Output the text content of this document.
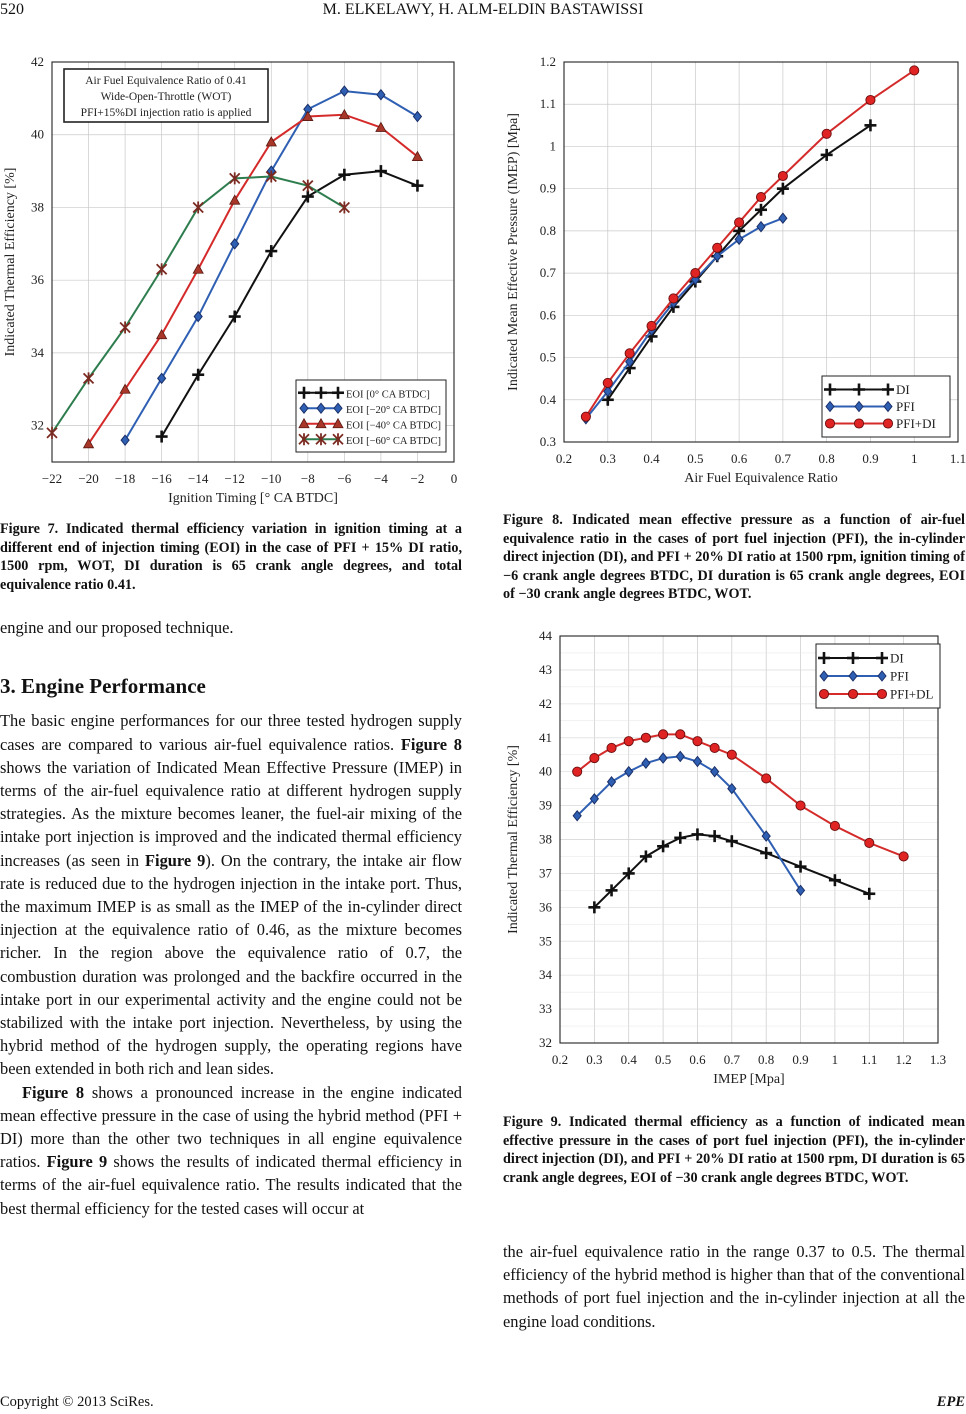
520	M. ELKELAWY, H. ALM-ELDIN BASTAWISSI
−22 −20 −18 −16 −14 −12 −10 −8 −6 −4 −2 0
32
34
36
38
40
42
Ignition Timing [° CA BTDC]
Indicated Thermal Efficiency [%]
EOI [0° CA BTDC]
EOI [−20° CA BTDC]
EOI [−40° CA BTDC]
EOI [−60° CA BTDC]
Air Fuel Equivalence Ratio of 0.41
Wide-Open-Throttle (WOT)
PFI+15%DI injection ratio is applied
Figure 7. Indicated thermal efficiency variation in ignition timing at a different end of injection timing (EOI) in the case of PFI + 15% DI ratio, 1500 rpm, WOT, DI duration is 65 crank angle degrees, and total equivalence ratio 0.41.

engine and our proposed technique.

3. Engine Performance

The basic engine performances for our three tested hydrogen supply cases are compared to various air-fuel equivalence ratios. Figure 8 shows the variation of Indicated Mean Effective Pressure (IMEP) in terms of the air-fuel equivalence ratio at different hydrogen supply strategies. As the mixture becomes leaner, the fuel-air mixing of the intake port injection is improved and the indicated thermal efficiency increases (as seen in Figure 9). On the contrary, the intake air flow rate is reduced due to the hydrogen injection in the intake port. Thus, the maximum IMEP is as small as the IMEP of the in-cylinder direct injection at the equivalence ratio of 0.46, as the mixture becomes richer. In the region above the equivalence ratio of 0.7, the combustion duration was prolonged and the backfire occurred in the intake port in our experimental activity and the engine could not be stabilized with the intake port injection. Nevertheless, by using the hybrid method of the hydrogen supply, the operating regions have been extended in both rich and lean sides.

Figure 8 shows a pronounced increase in the engine indicated mean effective pressure in the case of using the hybrid method (PFI + DI) more than the other two techniques in all engine equivalence ratios. Figure 9 shows the results of indicated thermal efficiency in terms of the air-fuel equivalence ratio. The results indicated that the best thermal efficiency for the tested cases will occur at

0.2 0.3 0.4 0.5 0.6 0.7 0.8 0.9 1 1.1
0.3
0.4
0.5
0.6
0.7
0.8
0.9
1
1.1
1.2
Air Fuel Equivalence Ratio
Indicated Mean Effective Pressure (IMEP) [Mpa]	DI
PFI
PFI+DI
Figure 8. Indicated mean effective pressure as a function of air-fuel equivalence ratio in the cases of port fuel injection (PFI), the in-cylinder direct injection (DI), and PFI + 20% DI ratio at 1500 rpm, ignition timing of −6 crank angle degrees BTDC, DI duration is 65 crank angle degrees, EOI of −30 crank angle degrees BTDC, WOT.
0.2 0.3 0.4 0.5 0.6 0.7 0.8 0.9 1 1.1 1.2 1.3
32
33
34
35
36
37
38
39
40
41
42
43
44
IMEP [Mpa]
Indicated Thermal Efficiency [%]
DI
PFI
PFI+DL
Figure 9. Indicated thermal efficiency as a function of indicated mean effective pressure in the cases of port fuel injection (PFI), the in-cylinder direct injection (DI), and PFI + 20% DI ratio at 1500 rpm, DI duration is 65 crank angle degrees, EOI of −30 crank angle degrees BTDC, WOT.

the air-fuel equivalence ratio in the range 0.37 to 0.5. The thermal efficiency of the hybrid method is higher than that of the conventional methods of port fuel injection and the in-cylinder injection at all the engine load conditions.

Copyright © 2013 SciRes.	EPE
